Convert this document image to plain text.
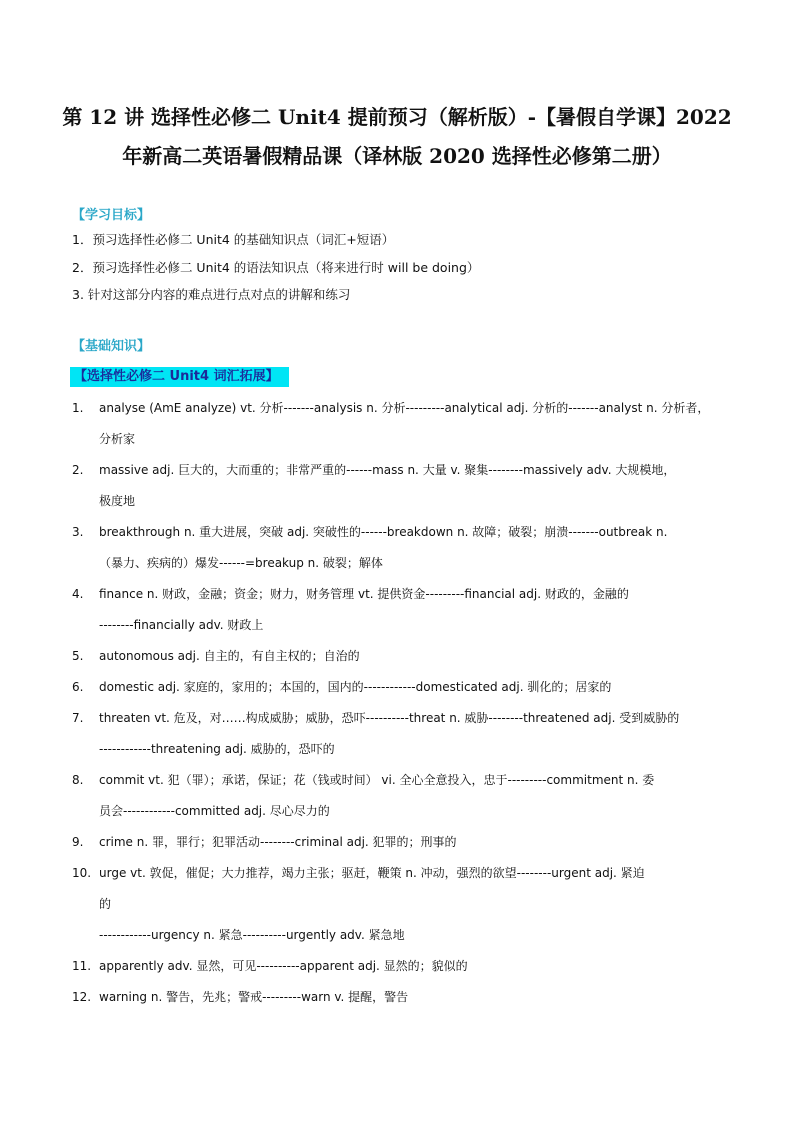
第 12 讲 选择性必修二 Unit4 提前预习（解析版）-【暑假自学课】2022
年新高二英语暑假精品课（译林版 2020 选择性必修第二册）
【学习目标】
1．预习选择性必修二 Unit4 的基础知识点（词汇+短语）
2．预习选择性必修二 Unit4 的语法知识点（将来进行时 will be doing）
3. 针对这部分内容的难点进行点对点的讲解和练习
【基础知识】
【选择性必修二 Unit4 词汇拓展】
1. analyse (AmE analyze) vt. 分析-------analysis n. 分析---------analytical adj. 分析的-------analyst n. 分析者，
分析家
2. massive adj. 巨大的，大而重的；非常严重的------mass n. 大量 v. 聚集--------massively adv. 大规模地，
极度地
3. breakthrough n. 重大进展，突破 adj. 突破性的------breakdown n. 故障；破裂；崩溃-------outbreak n.
（暴力、疾病的）爆发------=breakup n. 破裂；解体
4. finance n. 财政，金融；资金；财力，财务管理 vt. 提供资金---------financial adj. 财政的，金融的
--------financially adv. 财政上
5. autonomous adj. 自主的，有自主权的；自治的
6. domestic adj. 家庭的，家用的；本国的，国内的------------domesticated adj. 驯化的；居家的
7. threaten vt. 危及，对……构成威胁；威胁，恐吓----------threat n. 威胁--------threatened adj. 受到威胁的
------------threatening adj. 威胁的，恐吓的
8. commit vt. 犯（罪）；承诺，保证；花（钱或时间） vi. 全心全意投入，忠于---------commitment n. 委
员会------------committed adj. 尽心尽力的
9. crime n. 罪，罪行；犯罪活动--------criminal adj. 犯罪的；刑事的
10. urge vt. 敦促，催促；大力推荐，竭力主张；驱赶，鞭策 n. 冲动，强烈的欲望--------urgent adj. 紧迫
的
------------urgency n. 紧急----------urgently adv. 紧急地
11. apparently adv. 显然，可见----------apparent adj. 显然的；貌似的
12. warning n. 警告，先兆；警戒---------warn v. 提醒，警告
